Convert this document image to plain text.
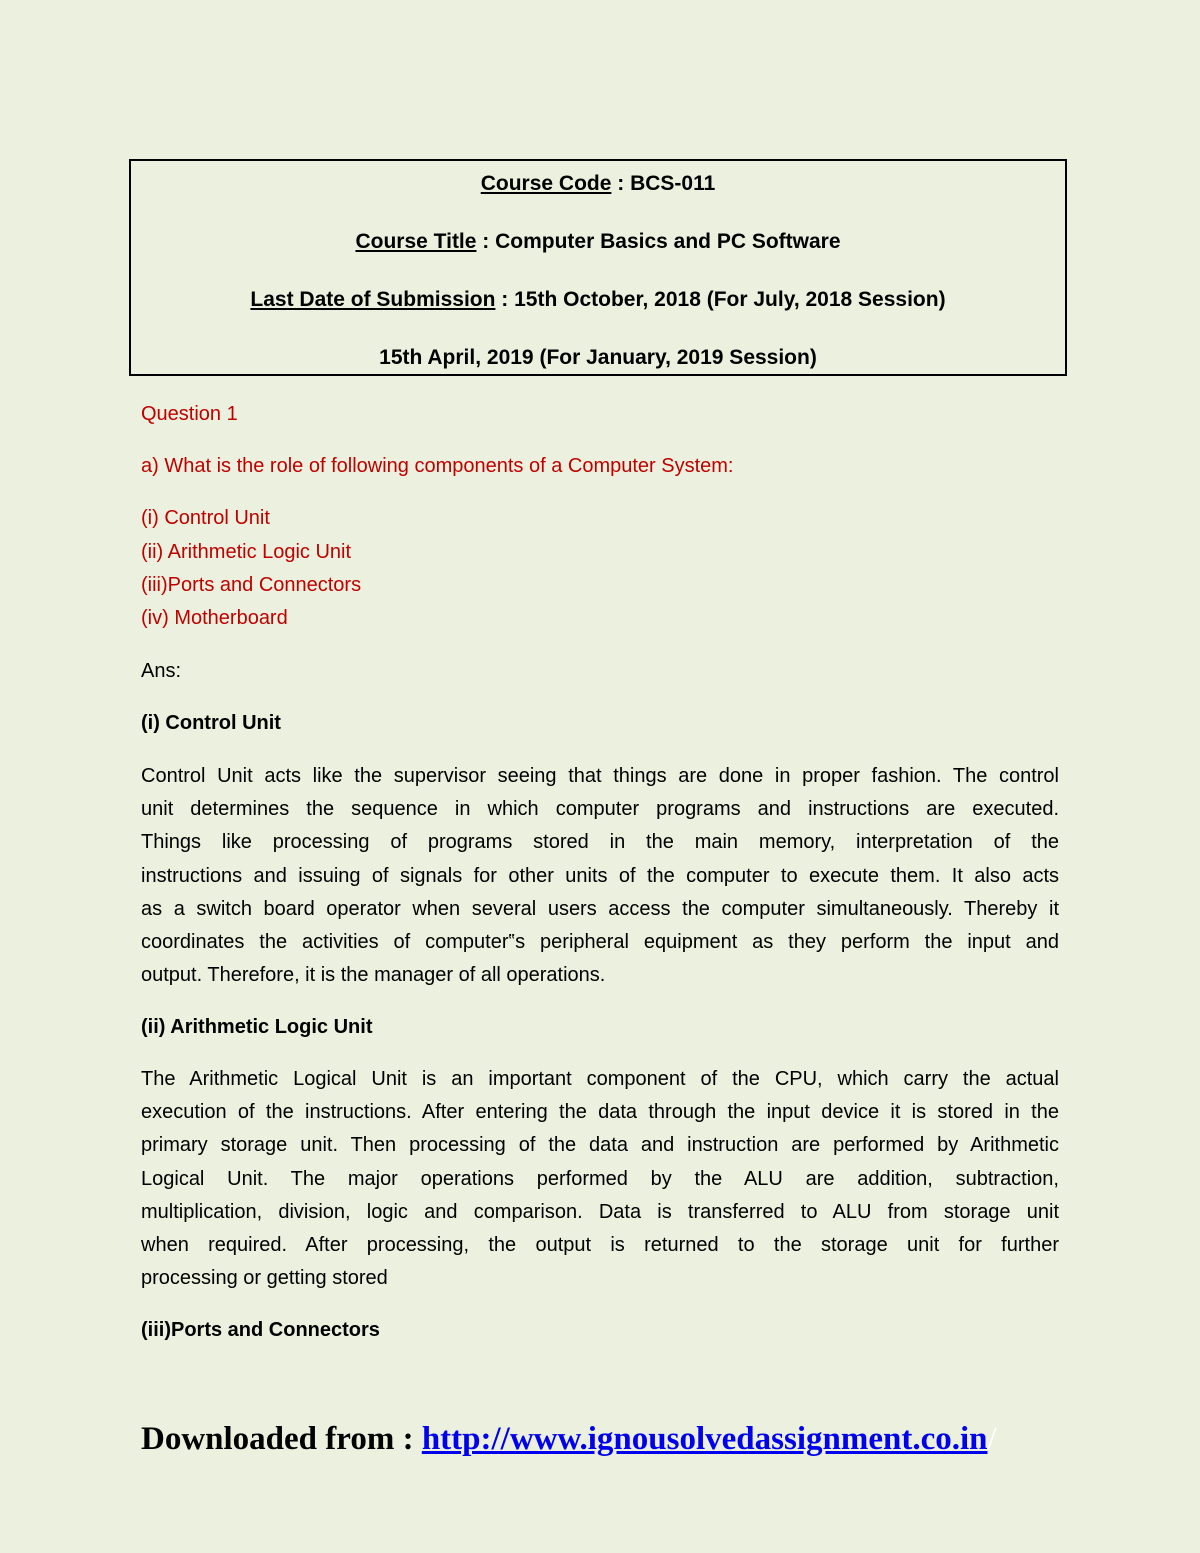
Course Code : BCS-011
Course Title : Computer Basics and PC Software
Last Date of Submission : 15th October, 2018 (For July, 2018 Session)
15th April, 2019 (For January, 2019 Session)
Question 1
a) What is the role of following components of a Computer System:
(i) Control Unit
(ii) Arithmetic Logic Unit
(iii)Ports and Connectors
(iv) Motherboard
Ans:
(i) Control Unit
Control Unit acts like the supervisor seeing that things are done in proper fashion. The control
unit determines the sequence in which computer programs and instructions are executed.
Things like processing of programs stored in the main memory, interpretation of the
instructions and issuing of signals for other units of the computer to execute them. It also acts
as a switch board operator when several users access the computer simultaneously. Thereby it
coordinates the activities of computer‟s peripheral equipment as they perform the input and
output. Therefore, it is the manager of all operations.
(ii) Arithmetic Logic Unit
The Arithmetic Logical Unit is an important component of the CPU, which carry the actual
execution of the instructions. After entering the data through the input device it is stored in the
primary storage unit. Then processing of the data and instruction are performed by Arithmetic
Logical Unit. The major operations performed by the ALU are addition, subtraction,
multiplication, division, logic and comparison. Data is transferred to ALU from storage unit
when required. After processing, the output is returned to the storage unit for further
processing or getting stored
(iii)Ports and Connectors
Downloaded from : http://www.ignousolvedassignment.co.in/
